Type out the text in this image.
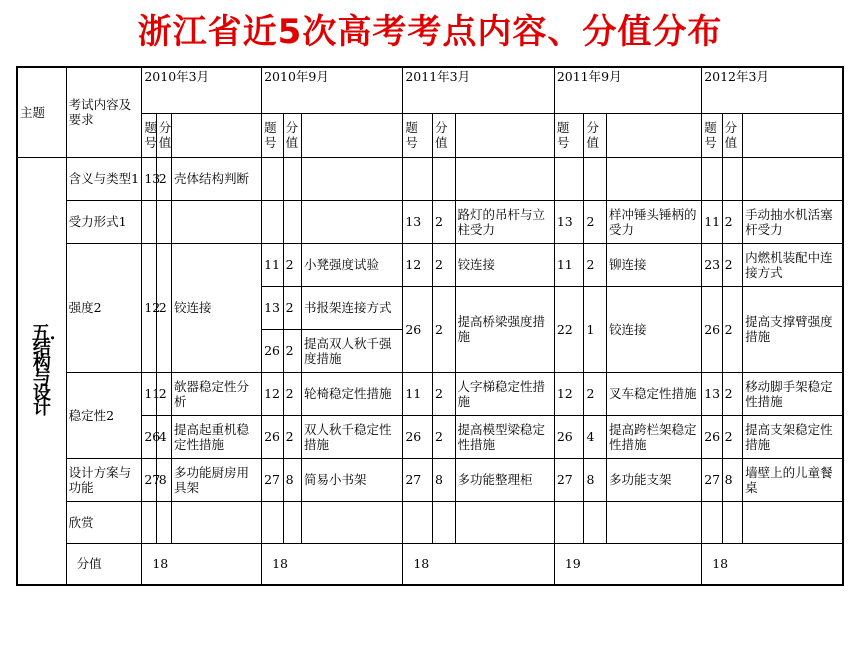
浙江省近5次高考考点内容、分值分布
主题	考试内容及要求	2010年3月			2010年9月			2011年3月			2011年9月			2012年3月		
		题号	分值		题号	分值		题号	分值		题号	分值		题号	分值	
五．结构与设计	含义与类型1	13	2	壳体结构判断												
	受力形式1							13	2	路灯的吊杆与立柱受力	13	2	样冲锤头锤柄的受力	11	2	手动抽水机活塞杆受力
	强度2	12	2	铰连接	11	2	小凳强度试验	12	2	铰连接	11	2	铆连接	23	2	内燃机装配中连接方式
					13	2	书报架连接方式	26	2	提高桥梁强度措施	22	1	铰连接	26	2	提高支撑臂强度措施
					26	2	提高双人秋千强度措施									
	稳定性2	11	2	欹器稳定性分析	12	2	轮椅稳定性措施	11	2	人字梯稳定性措施	12	2	叉车稳定性措施	13	2	移动脚手架稳定性措施
		26	4	提高起重机稳定性措施	26	2	双人秋千稳定性措施	26	2	提高模型梁稳定性措施	26	4	提高跨栏架稳定性措施	26	2	提高支架稳定性措施
	设计方案与功能	27	8	多功能厨房用具架	27	8	简易小书架	27	8	多功能整理柜	27	8	多功能支架	27	8	墙壁上的儿童餐桌
	欣赏															
	分值	18			18			18			19			18		
